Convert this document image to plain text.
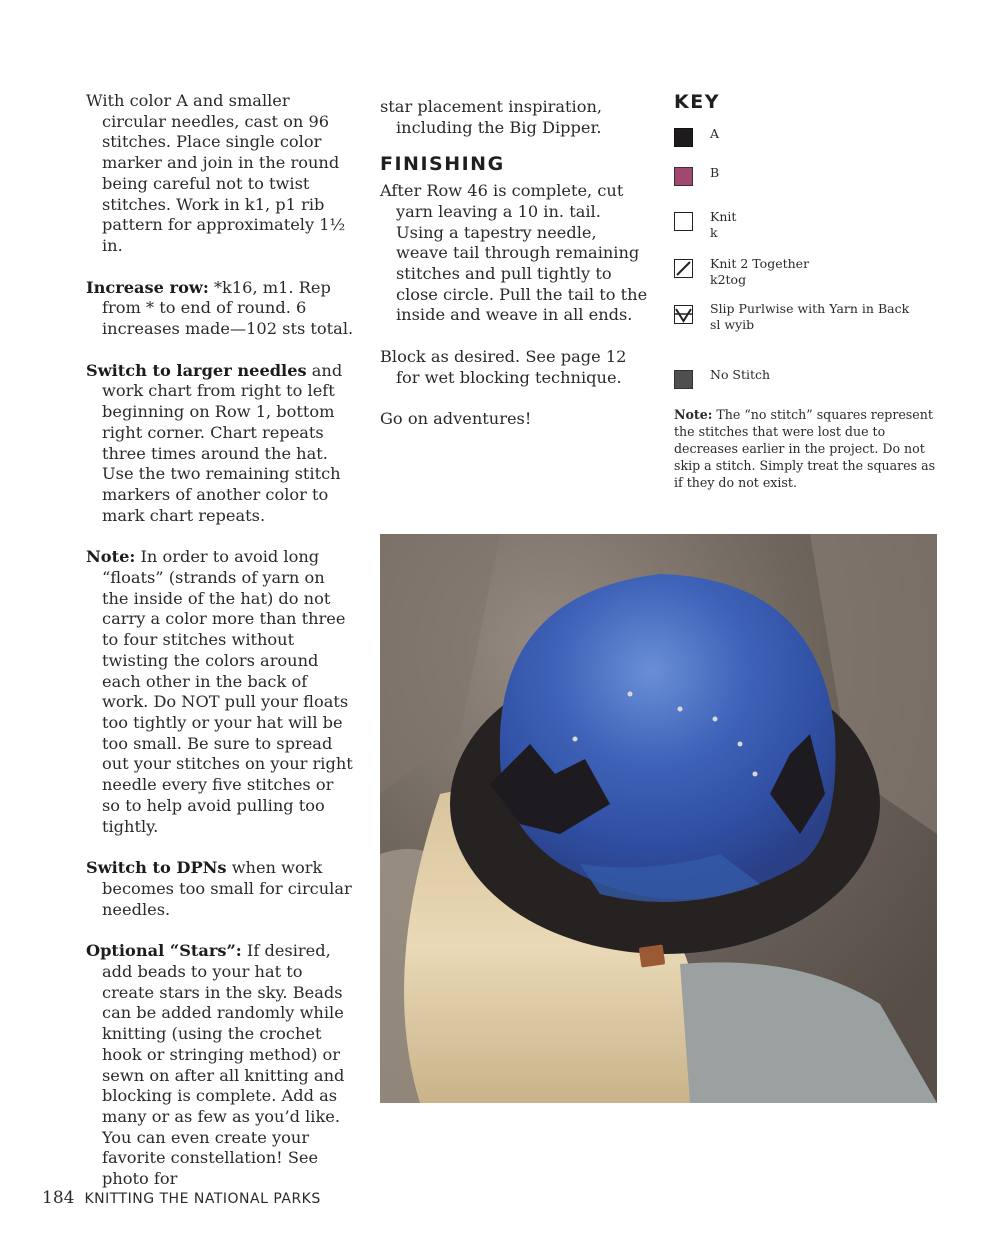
With color A and smaller circular needles, cast on 96 stitches. Place single color marker and join in the round being careful not to twist stitches. Work in k1, p1 rib pattern for approximately 1½ in.

Increase row: *k16, m1. Rep from * to end of round. 6 increases made—102 sts total.

Switch to larger needles and work chart from right to left beginning on Row 1, bottom right corner. Chart repeats three times around the hat. Use the two remaining stitch markers of another color to mark chart repeats.

Note: In order to avoid long “floats” (strands of yarn on the inside of the hat) do not carry a color more than three to four stitches without twisting the colors around each other in the back of work. Do NOT pull your floats too tightly or your hat will be too small. Be sure to spread out your stitches on your right needle every five stitches or so to help avoid pulling too tightly.

Switch to DPNs when work becomes too small for circular needles.

Optional “Stars”: If desired, add beads to your hat to create stars in the sky. Beads can be added randomly while knitting (using the crochet hook or stringing method) or sewn on after all knitting and blocking is complete. Add as many or as few as you’d like. You can even create your favorite constellation! See photo for

star placement inspiration, including the Big Dipper.

FINISHING

After Row 46 is complete, cut yarn leaving a 10 in. tail. Using a tapestry needle, weave tail through remaining stitches and pull tightly to close circle. Pull the tail to the inside and weave in all ends.

Block as desired. See page 12 for wet blocking technique.

Go on adventures!

KEY
A
B
Knit
k
Knit 2 Together
k2tog
Slip Purlwise with Yarn in Back
sl wyib
No Stitch
Note: The “no stitch” squares represent the stitches that were lost due to decreases earlier in the project. Do not skip a stitch. Simply treat the squares as if they do not exist.
184 KNITTING THE NATIONAL PARKS
